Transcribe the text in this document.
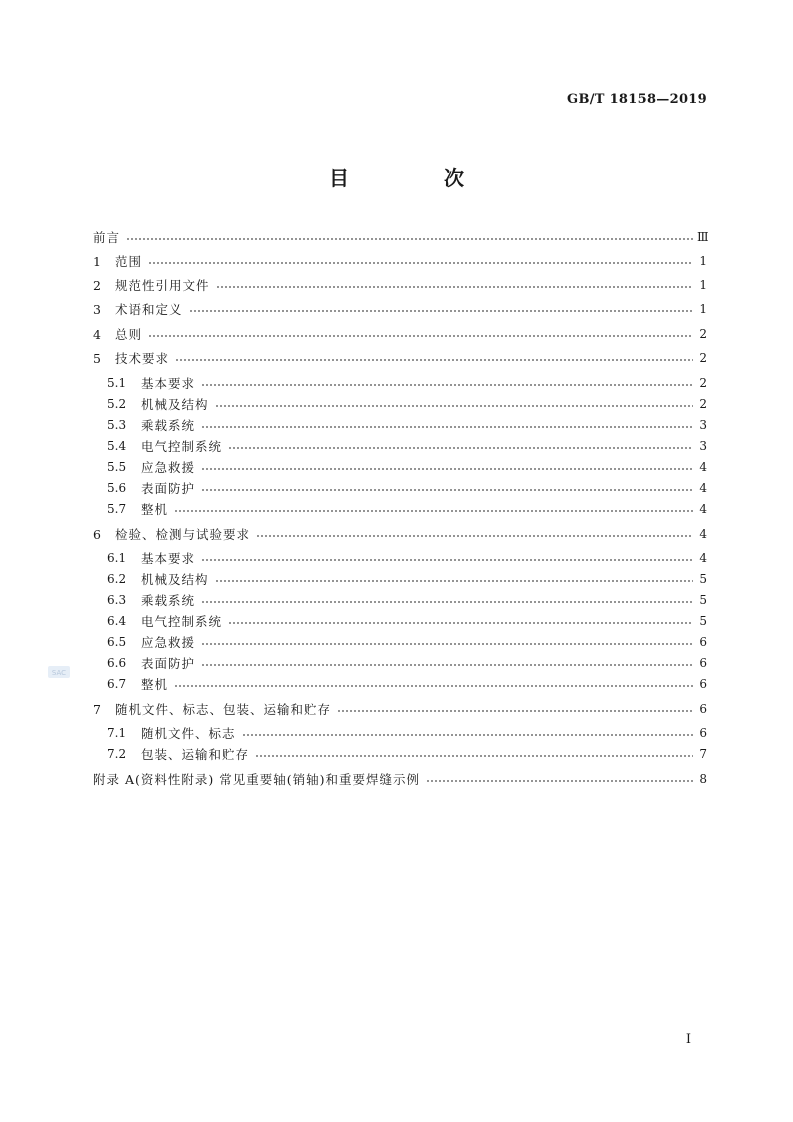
GB/T 18158—2019
目 次
SAC
前言	Ⅲ
1	范围	1
2	规范性引用文件	1
3	术语和定义	1
4	总则	2
5	技术要求	2
5.1	基本要求	2
5.2	机械及结构	2
5.3	乘载系统	3
5.4	电气控制系统	3
5.5	应急救援	4
5.6	表面防护	4
5.7	整机	4
6	检验、检测与试验要求	4
6.1	基本要求	4
6.2	机械及结构	5
6.3	乘载系统	5
6.4	电气控制系统	5
6.5	应急救援	6
6.6	表面防护	6
6.7	整机	6
7	随机文件、标志、包装、运输和贮存	6
7.1	随机文件、标志	6
7.2	包装、运输和贮存	7
附录 A(资料性附录) 常见重要轴(销轴)和重要焊缝示例	8
I
